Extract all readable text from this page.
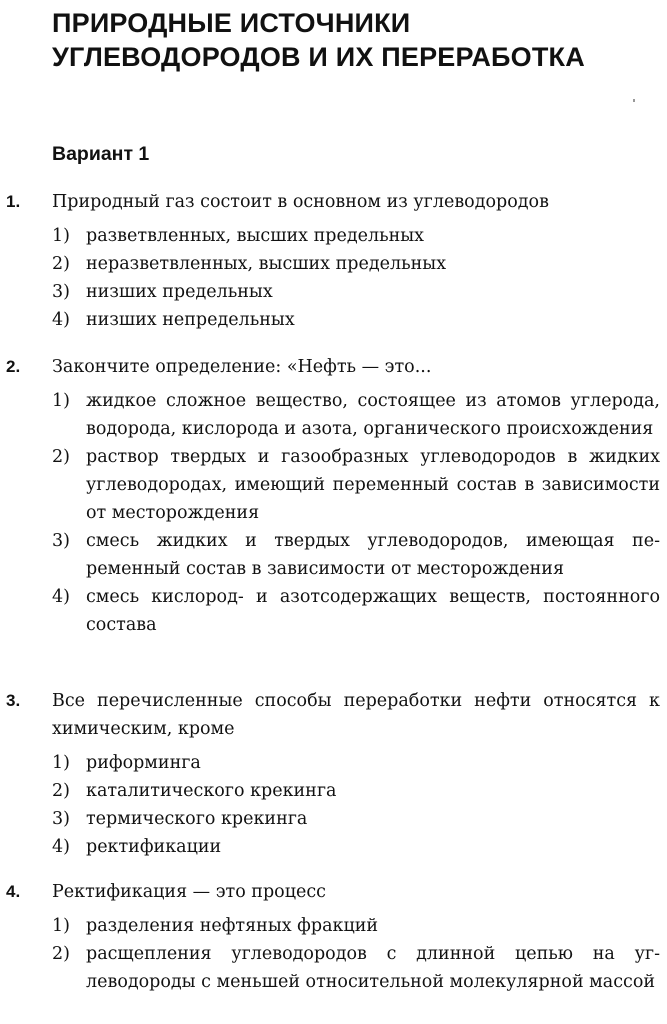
ПРИРОДНЫЕ ИСТОЧНИКИ
УГЛЕВОДОРОДОВ И ИХ ПЕРЕРАБОТКА
Вариант 1
1. Природный газ состоит в основном из углеводородов
1) разветвленных, высших предельных
2) неразветвленных, высших предельных
3) низших предельных
4) низших непредельных
2. Закончите определение: «Нефть — это...
1) жидкое сложное вещество, состоящее из атомов углерода, водорода, кислорода и азота, органического происхождения
2) раствор твердых и газообразных углеводородов в жидких углеводородах, имеющий переменный состав в зависимости от месторождения
3) смесь жидких и твердых углеводородов, имеющая переменный состав в зависимости от месторождения
4) смесь кислород- и азотсодержащих веществ, постоянного состава
3. Все перечисленные способы переработки нефти относятся к химическим, кроме
1) риформинга
2) каталитического крекинга
3) термического крекинга
4) ректификации
4. Ректификация — это процесс
1) разделения нефтяных фракций
2) расщепления углеводородов с длинной цепью на углеводороды с меньшей относительной молекулярной массой
